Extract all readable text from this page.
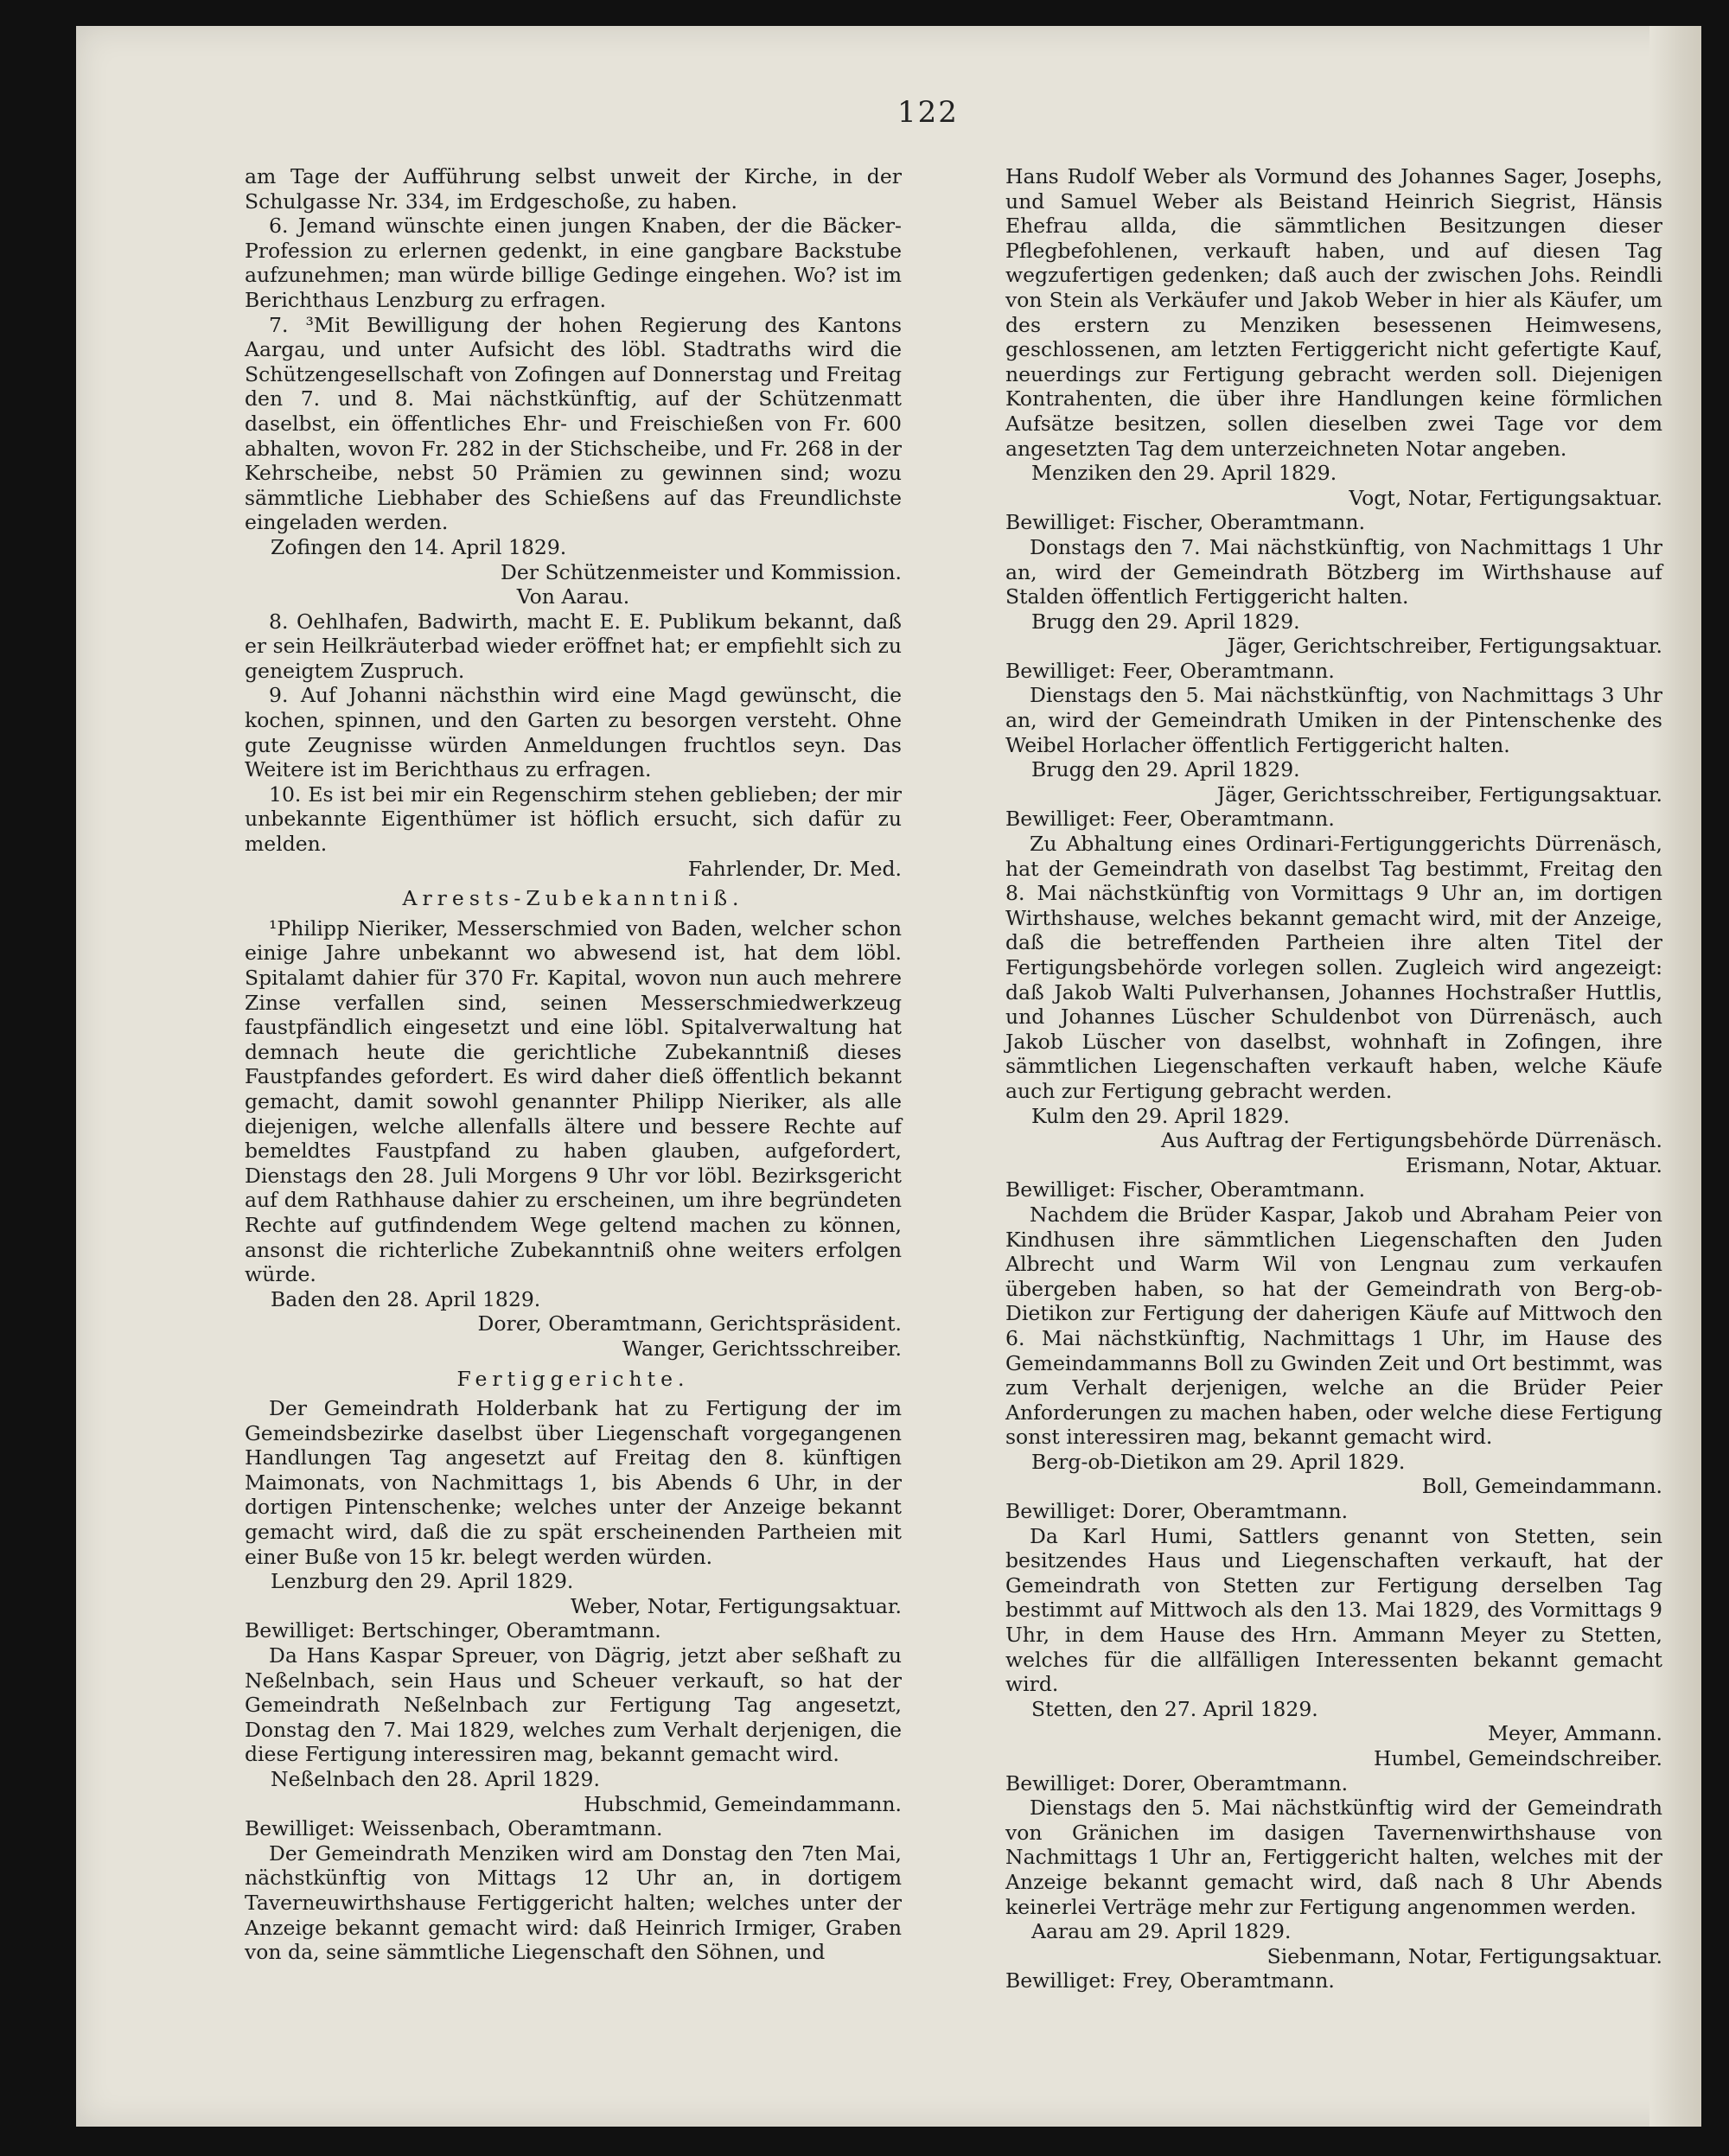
122

am Tage der Aufführung selbst unweit der Kirche, in der Schulgasse Nr. 334, im Erdgeschoße, zu haben.

6. Jemand wünschte einen jungen Knaben, der die Bäcker-Profession zu erlernen gedenkt, in eine gangbare Backstube aufzunehmen; man würde billige Gedinge eingehen. Wo? ist im Berichthaus Lenzburg zu erfragen.

7. ³Mit Bewilligung der hohen Regierung des Kantons Aargau, und unter Aufsicht des löbl. Stadtraths wird die Schützengesellschaft von Zofingen auf Donnerstag und Freitag den 7. und 8. Mai nächstkünftig, auf der Schützenmatt daselbst, ein öffentliches Ehr- und Freischießen von Fr. 600 abhalten, wovon Fr. 282 in der Stichscheibe, und Fr. 268 in der Kehrscheibe, nebst 50 Prämien zu gewinnen sind; wozu sämmtliche Liebhaber des Schießens auf das Freundlichste eingeladen werden.

Zofingen den 14. April 1829.

Der Schützenmeister und Kommission.

Von Aarau.

8. Oehlhafen, Badwirth, macht E. E. Publikum bekannt, daß er sein Heilkräuterbad wieder eröffnet hat; er empfiehlt sich zu geneigtem Zuspruch.

9. Auf Johanni nächsthin wird eine Magd gewünscht, die kochen, spinnen, und den Garten zu besorgen versteht. Ohne gute Zeugnisse würden Anmeldungen fruchtlos seyn. Das Weitere ist im Berichthaus zu erfragen.

10. Es ist bei mir ein Regenschirm stehen geblieben; der mir unbekannte Eigenthümer ist höflich ersucht, sich dafür zu melden.

Fahrlender, Dr. Med.

Arrests-Zubekanntniß.

¹Philipp Nieriker, Messerschmied von Baden, welcher schon einige Jahre unbekannt wo abwesend ist, hat dem löbl. Spitalamt dahier für 370 Fr. Kapital, wovon nun auch mehrere Zinse verfallen sind, seinen Messerschmiedwerkzeug faustpfändlich eingesetzt und eine löbl. Spitalverwaltung hat demnach heute die gerichtliche Zubekanntniß dieses Faustpfandes gefordert. Es wird daher dieß öffentlich bekannt gemacht, damit sowohl genannter Philipp Nieriker, als alle diejenigen, welche allenfalls ältere und bessere Rechte auf bemeldtes Faustpfand zu haben glauben, aufgefordert, Dienstags den 28. Juli Morgens 9 Uhr vor löbl. Bezirksgericht auf dem Rathhause dahier zu erscheinen, um ihre begründeten Rechte auf gutfindendem Wege geltend machen zu können, ansonst die richterliche Zubekanntniß ohne weiters erfolgen würde.

Baden den 28. April 1829.

Dorer, Oberamtmann, Gerichtspräsident.

Wanger, Gerichtsschreiber.

Fertiggerichte.

Der Gemeindrath Holderbank hat zu Fertigung der im Gemeindsbezirke daselbst über Liegenschaft vorgegangenen Handlungen Tag angesetzt auf Freitag den 8. künftigen Maimonats, von Nachmittags 1, bis Abends 6 Uhr, in der dortigen Pintenschenke; welches unter der Anzeige bekannt gemacht wird, daß die zu spät erscheinenden Partheien mit einer Buße von 15 kr. belegt werden würden.

Lenzburg den 29. April 1829.

Weber, Notar, Fertigungsaktuar.

Bewilliget: Bertschinger, Oberamtmann.

Da Hans Kaspar Spreuer, von Dägrig, jetzt aber seßhaft zu Neßelnbach, sein Haus und Scheuer verkauft, so hat der Gemeindrath Neßelnbach zur Fertigung Tag angesetzt, Donstag den 7. Mai 1829, welches zum Verhalt derjenigen, die diese Fertigung interessiren mag, bekannt gemacht wird.

Neßelnbach den 28. April 1829.

Hubschmid, Gemeindammann.

Bewilliget: Weissenbach, Oberamtmann.

Der Gemeindrath Menziken wird am Donstag den 7ten Mai, nächstkünftig von Mittags 12 Uhr an, in dortigem Taverneuwirthshause Fertiggericht halten; welches unter der Anzeige bekannt gemacht wird: daß Heinrich Irmiger, Graben von da, seine sämmtliche Liegenschaft den Söhnen, und

Hans Rudolf Weber als Vormund des Johannes Sager, Josephs, und Samuel Weber als Beistand Heinrich Siegrist, Hänsis Ehefrau allda, die sämmtlichen Besitzungen dieser Pflegbefohlenen, verkauft haben, und auf diesen Tag wegzufertigen gedenken; daß auch der zwischen Johs. Reindli von Stein als Verkäufer und Jakob Weber in hier als Käufer, um des erstern zu Menziken besessenen Heimwesens, geschlossenen, am letzten Fertiggericht nicht gefertigte Kauf, neuerdings zur Fertigung gebracht werden soll. Diejenigen Kontrahenten, die über ihre Handlungen keine förmlichen Aufsätze besitzen, sollen dieselben zwei Tage vor dem angesetzten Tag dem unterzeichneten Notar angeben.

Menziken den 29. April 1829.

Vogt, Notar, Fertigungsaktuar.

Bewilliget: Fischer, Oberamtmann.

Donstags den 7. Mai nächstkünftig, von Nachmittags 1 Uhr an, wird der Gemeindrath Bötzberg im Wirthshause auf Stalden öffentlich Fertiggericht halten.

Brugg den 29. April 1829.

Jäger, Gerichtschreiber, Fertigungsaktuar.

Bewilliget: Feer, Oberamtmann.

Dienstags den 5. Mai nächstkünftig, von Nachmittags 3 Uhr an, wird der Gemeindrath Umiken in der Pintenschenke des Weibel Horlacher öffentlich Fertiggericht halten.

Brugg den 29. April 1829.

Jäger, Gerichtsschreiber, Fertigungsaktuar.

Bewilliget: Feer, Oberamtmann.

Zu Abhaltung eines Ordinari-Fertigunggerichts Dürrenäsch, hat der Gemeindrath von daselbst Tag bestimmt, Freitag den 8. Mai nächstkünftig von Vormittags 9 Uhr an, im dortigen Wirthshause, welches bekannt gemacht wird, mit der Anzeige, daß die betreffenden Partheien ihre alten Titel der Fertigungsbehörde vorlegen sollen. Zugleich wird angezeigt: daß Jakob Walti Pulverhansen, Johannes Hochstraßer Huttlis, und Johannes Lüscher Schuldenbot von Dürrenäsch, auch Jakob Lüscher von daselbst, wohnhaft in Zofingen, ihre sämmtlichen Liegenschaften verkauft haben, welche Käufe auch zur Fertigung gebracht werden.

Kulm den 29. April 1829.

Aus Auftrag der Fertigungsbehörde Dürrenäsch.

Erismann, Notar, Aktuar.

Bewilliget: Fischer, Oberamtmann.

Nachdem die Brüder Kaspar, Jakob und Abraham Peier von Kindhusen ihre sämmtlichen Liegenschaften den Juden Albrecht und Warm Wil von Lengnau zum verkaufen übergeben haben, so hat der Gemeindrath von Berg-ob-Dietikon zur Fertigung der daherigen Käufe auf Mittwoch den 6. Mai nächstkünftig, Nachmittags 1 Uhr, im Hause des Gemeindammanns Boll zu Gwinden Zeit und Ort bestimmt, was zum Verhalt derjenigen, welche an die Brüder Peier Anforderungen zu machen haben, oder welche diese Fertigung sonst interessiren mag, bekannt gemacht wird.

Berg-ob-Dietikon am 29. April 1829.

Boll, Gemeindammann.

Bewilliget: Dorer, Oberamtmann.

Da Karl Humi, Sattlers genannt von Stetten, sein besitzendes Haus und Liegenschaften verkauft, hat der Gemeindrath von Stetten zur Fertigung derselben Tag bestimmt auf Mittwoch als den 13. Mai 1829, des Vormittags 9 Uhr, in dem Hause des Hrn. Ammann Meyer zu Stetten, welches für die allfälligen Interessenten bekannt gemacht wird.

Stetten, den 27. April 1829.

Meyer, Ammann.

Humbel, Gemeindschreiber.

Bewilliget: Dorer, Oberamtmann.

Dienstags den 5. Mai nächstkünftig wird der Gemeindrath von Gränichen im dasigen Tavernenwirthshause von Nachmittags 1 Uhr an, Fertiggericht halten, welches mit der Anzeige bekannt gemacht wird, daß nach 8 Uhr Abends keinerlei Verträge mehr zur Fertigung angenommen werden.

Aarau am 29. April 1829.

Siebenmann, Notar, Fertigungsaktuar.

Bewilliget: Frey, Oberamtmann.
